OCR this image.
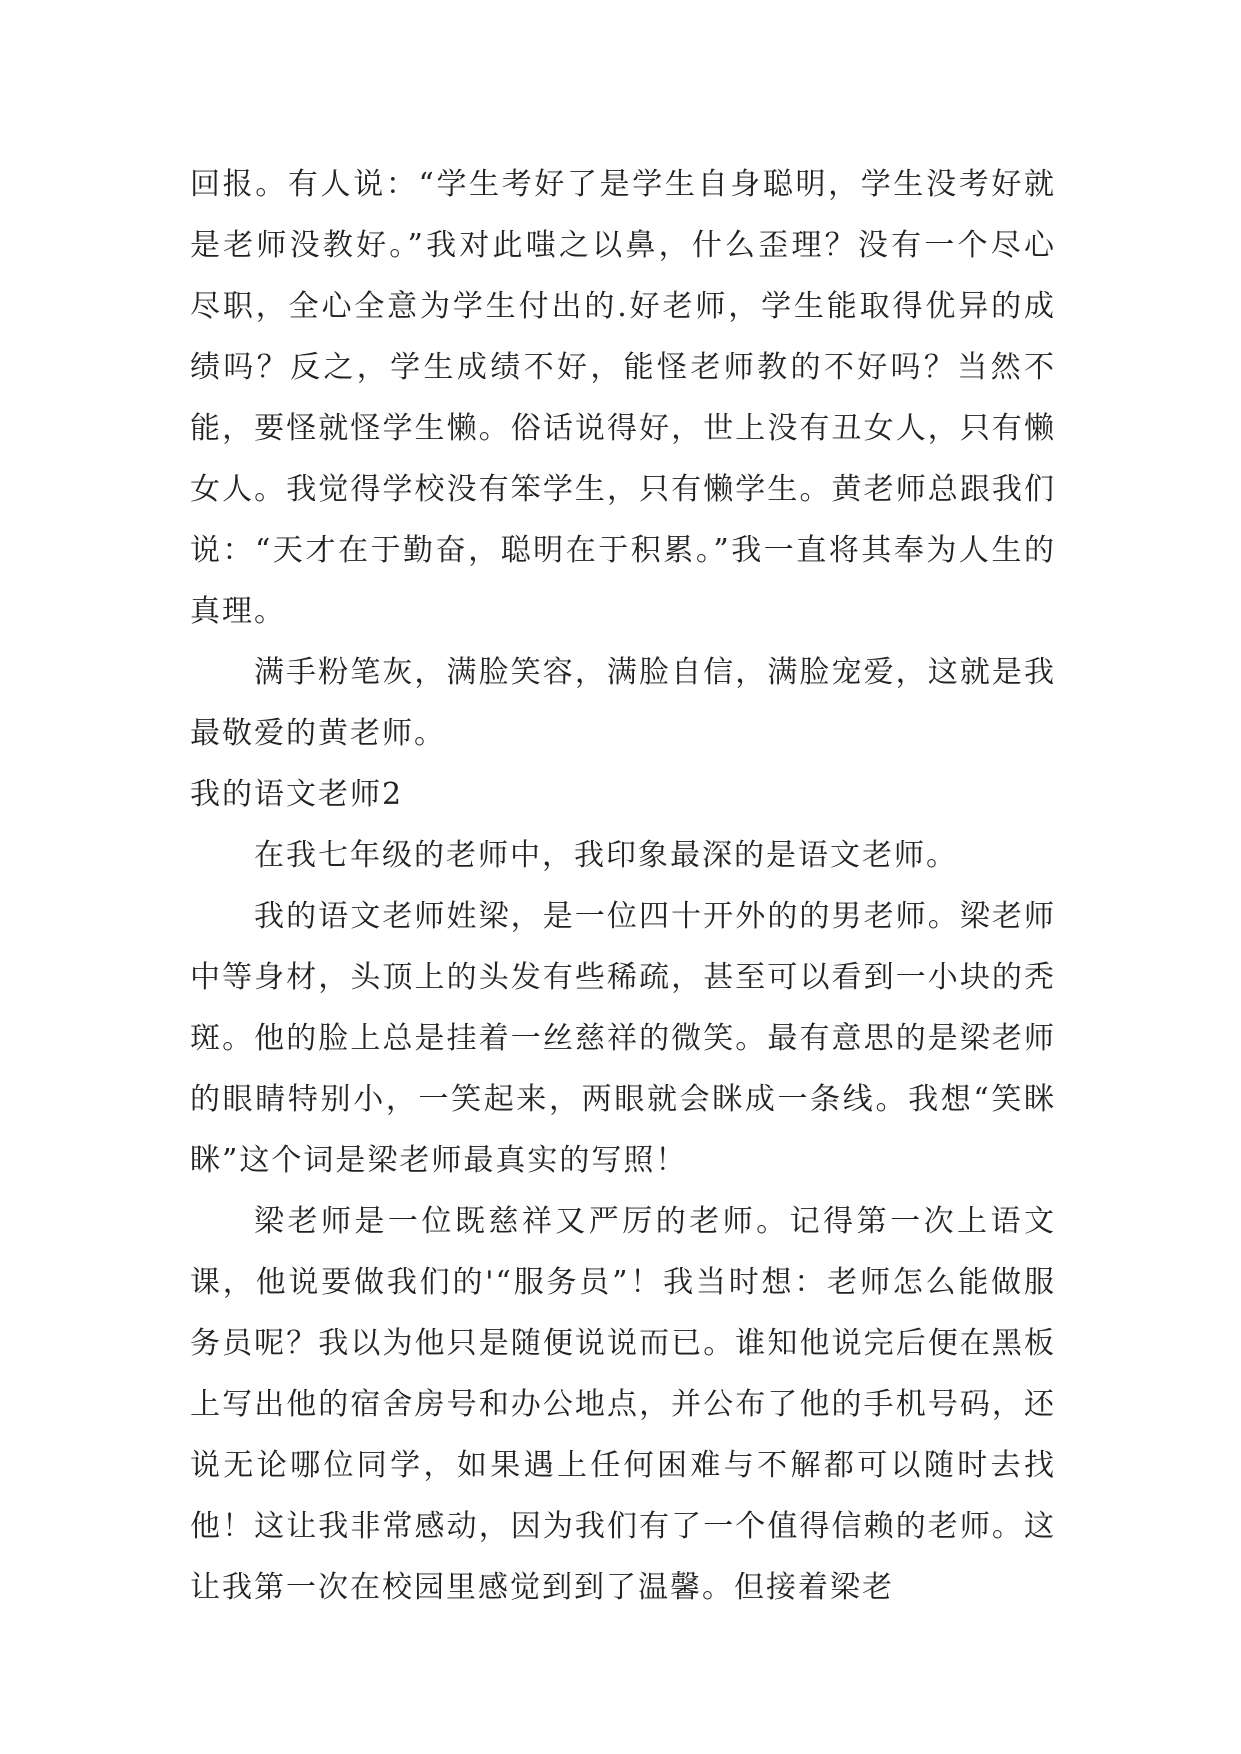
回报。有人说：“学生考好了是学生自身聪明，学生没考好就是老师没教好。”我对此嗤之以鼻，什么歪理？没有一个尽心尽职，全心全意为学生付出的.好老师，学生能取得优异的成绩吗？反之，学生成绩不好，能怪老师教的不好吗？当然不能，要怪就怪学生懒。俗话说得好，世上没有丑女人，只有懒女人。我觉得学校没有笨学生，只有懒学生。黄老师总跟我们说：“天才在于勤奋，聪明在于积累。”我一直将其奉为人生的真理。

满手粉笔灰，满脸笑容，满脸自信，满脸宠爱，这就是我最敬爱的黄老师。

我的语文老师2

在我七年级的老师中，我印象最深的是语文老师。

我的语文老师姓梁，是一位四十开外的的男老师。梁老师中等身材，头顶上的头发有些稀疏，甚至可以看到一小块的秃斑。他的脸上总是挂着一丝慈祥的微笑。最有意思的是梁老师的眼睛特别小，一笑起来，两眼就会眯成一条线。我想“笑眯眯”这个词是梁老师最真实的写照！

梁老师是一位既慈祥又严厉的老师。记得第一次上语文课，他说要做我们的'“服务员”！我当时想：老师怎么能做服务员呢？我以为他只是随便说说而已。谁知他说完后便在黑板上写出他的宿舍房号和办公地点，并公布了他的手机号码，还说无论哪位同学，如果遇上任何困难与不解都可以随时去找他！这让我非常感动，因为我们有了一个值得信赖的老师。这让我第一次在校园里感觉到到了温馨。但接着梁老
